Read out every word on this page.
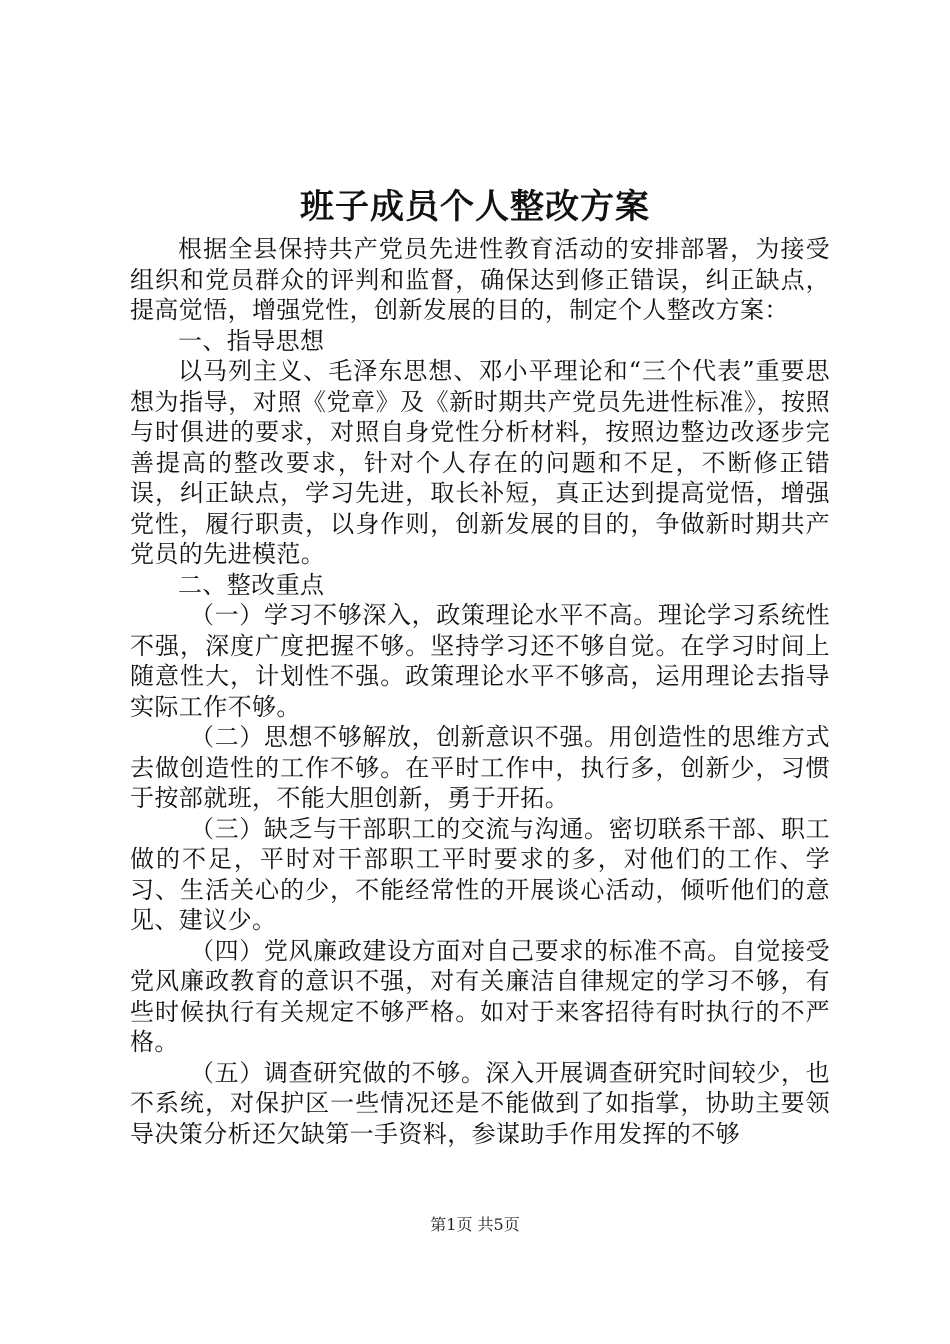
班子成员个人整改方案

根据全县保持共产党员先进性教育活动的安排部署，为接受组织和党员群众的评判和监督，确保达到修正错误，纠正缺点，提高觉悟，增强党性，创新发展的目的，制定个人整改方案：

一、指导思想

以马列主义、毛泽东思想、邓小平理论和“三个代表”重要思想为指导，对照《党章》及《新时期共产党员先进性标准》，按照与时俱进的要求，对照自身党性分析材料，按照边整边改逐步完善提高的整改要求，针对个人存在的问题和不足，不断修正错误，纠正缺点，学习先进，取长补短，真正达到提高觉悟，增强党性，履行职责，以身作则，创新发展的目的，争做新时期共产党员的先进模范。

二、整改重点

（一）学习不够深入，政策理论水平不高。理论学习系统性不强，深度广度把握不够。坚持学习还不够自觉。在学习时间上随意性大，计划性不强。政策理论水平不够高，运用理论去指导实际工作不够。

（二）思想不够解放，创新意识不强。用创造性的思维方式去做创造性的工作不够。在平时工作中，执行多，创新少，习惯于按部就班，不能大胆创新，勇于开拓。

（三）缺乏与干部职工的交流与沟通。密切联系干部、职工做的不足，平时对干部职工平时要求的多，对他们的工作、学习、生活关心的少，不能经常性的开展谈心活动，倾听他们的意见、建议少。

（四）党风廉政建设方面对自己要求的标准不高。自觉接受党风廉政教育的意识不强，对有关廉洁自律规定的学习不够，有些时候执行有关规定不够严格。如对于来客招待有时执行的不严格。

（五）调查研究做的不够。深入开展调查研究时间较少，也不系统，对保护区一些情况还是不能做到了如指掌，协助主要领导决策分析还欠缺第一手资料，参谋助手作用发挥的不够

第1页 共5页
